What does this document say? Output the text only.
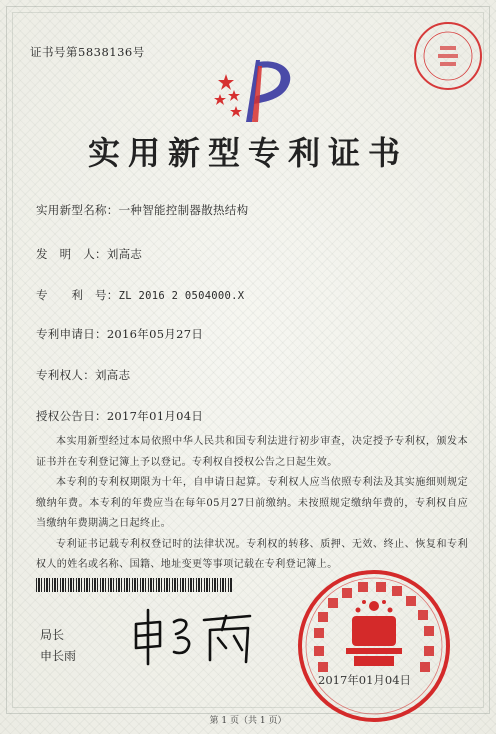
证书号第5838136号
实用新型专利证书
实用新型名称：一种智能控制器散热结构
发　明　人：刘高志
专　　利　号：ZL 2016 2 0504000.X
专利申请日：2016年05月27日
专利权人：刘高志
授权公告日：2017年01月04日

本实用新型经过本局依照中华人民共和国专利法进行初步审查，决定授予专利权，颁发本证书并在专利登记簿上予以登记。专利权自授权公告之日起生效。

本专利的专利权期限为十年，自申请日起算。专利权人应当依照专利法及其实施细则规定缴纳年费。本专利的年费应当在每年05月27日前缴纳。未按照规定缴纳年费的，专利权自应当缴纳年费期满之日起终止。

专利证书记载专利权登记时的法律状况。专利权的转移、质押、无效、终止、恢复和专利权人的姓名或名称、国籍、地址变更等事项记载在专利登记簿上。

局长
申长雨
2017年01月04日
第 1 页（共 1 页）
